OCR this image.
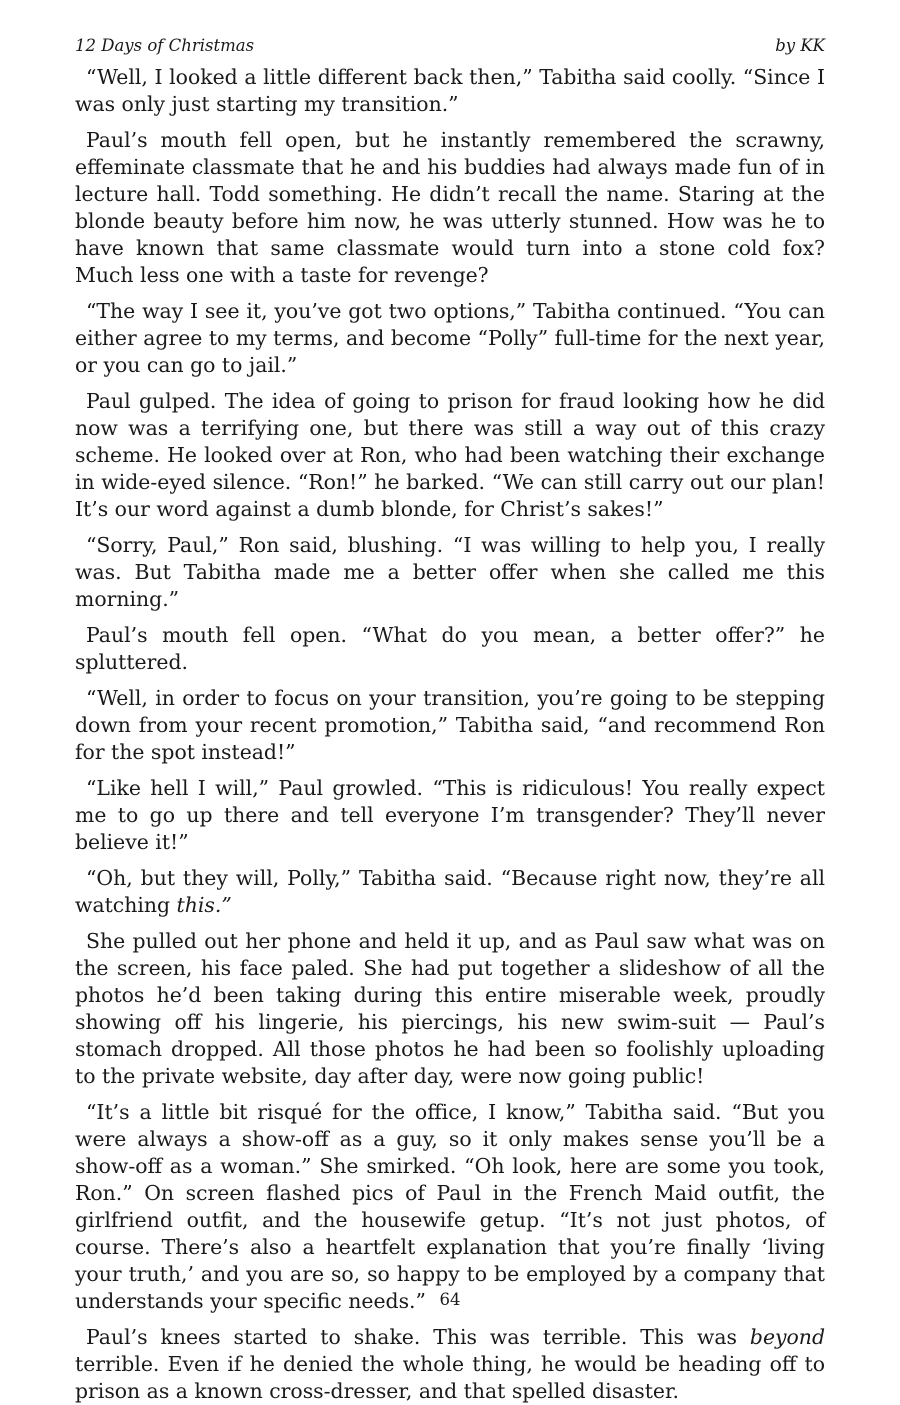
12 Days of Christmas	by KK

“Well, I looked a little different back then,” Tabitha said coolly. “Since I was only just starting my transition.”

Paul’s mouth fell open, but he instantly remembered the scrawny, effeminate classmate that he and his buddies had always made fun of in lecture hall. Todd something. He didn’t recall the name. Staring at the blonde beauty before him now, he was utterly stunned. How was he to have known that same classmate would turn into a stone cold fox? Much less one with a taste for revenge?

“The way I see it, you’ve got two options,” Tabitha continued. “You can either agree to my terms, and become “Polly” full-time for the next year, or you can go to jail.”

Paul gulped. The idea of going to prison for fraud looking how he did now was a terrifying one, but there was still a way out of this crazy scheme. He looked over at Ron, who had been watching their exchange in wide-eyed silence. “Ron!” he barked. “We can still carry out our plan! It’s our word against a dumb blonde, for Christ’s sakes!”

“Sorry, Paul,” Ron said, blushing. “I was willing to help you, I really was. But Tabitha made me a better offer when she called me this morning.”

Paul’s mouth fell open. “What do you mean, a better offer?” he spluttered.

“Well, in order to focus on your transition, you’re going to be stepping down from your recent promotion,” Tabitha said, “and recommend Ron for the spot instead!”

“Like hell I will,” Paul growled. “This is ridiculous! You really expect me to go up there and tell everyone I’m transgender? They’ll never believe it!”

“Oh, but they will, Polly,” Tabitha said. “Because right now, they’re all watching this.”

She pulled out her phone and held it up, and as Paul saw what was on the screen, his face paled. She had put together a slideshow of all the photos he’d been taking during this entire miserable week, proudly showing off his lingerie, his piercings, his new swim-suit — Paul’s stomach dropped. All those photos he had been so foolishly uploading to the private website, day after day, were now going public!

“It’s a little bit risqué for the office, I know,” Tabitha said. “But you were always a show-off as a guy, so it only makes sense you’ll be a show-off as a woman.” She smirked. “Oh look, here are some you took, Ron.” On screen flashed pics of Paul in the French Maid outfit, the girlfriend outfit, and the housewife getup. “It’s not just photos, of course. There’s also a heartfelt explanation that you’re finally ‘living your truth,’ and you are so, so happy to be employed by a company that understands your specific needs.”

Paul’s knees started to shake. This was terrible. This was beyond terrible. Even if he denied the whole thing, he would be heading off to prison as a known cross-dresser, and that spelled disaster.

64
